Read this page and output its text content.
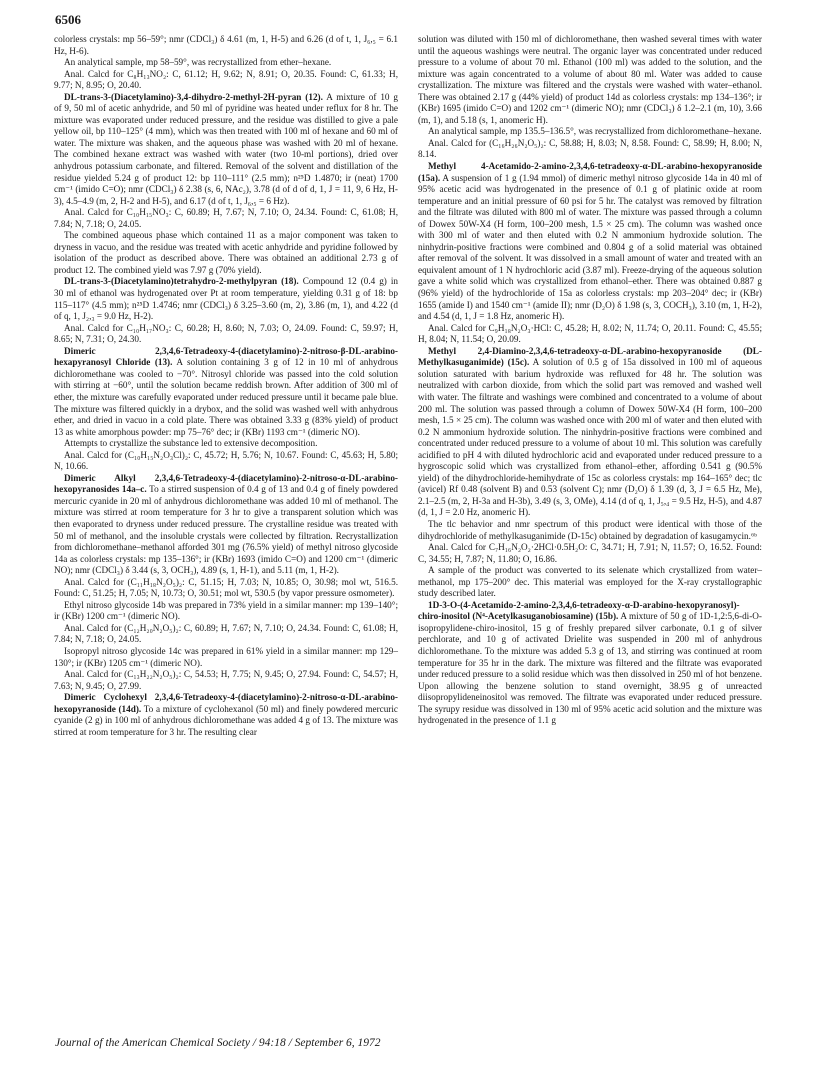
6506

colorless crystals: mp 56–59°; nmr (CDCl₃) δ 4.61 (m, 1, H-5) and 6.26 (d of t, 1, J₆,₅ = 6.1 Hz, H-6).

An analytical sample, mp 58–59°, was recrystallized from ether–hexane.

Anal. Calcd for C₈H₁₃NO₂: C, 61.12; H, 9.62; N, 8.91; O, 20.35. Found: C, 61.33; H, 9.77; N, 8.95; O, 20.40.

DL-trans-3-(Diacetylamino)-3,4-dihydro-2-methyl-2H-pyran (12). A mixture of 10 g of 9, 50 ml of acetic anhydride, and 50 ml of pyridine was heated under reflux for 8 hr. The mixture was evaporated under reduced pressure, and the residue was distilled to give a pale yellow oil, bp 110–125° (4 mm), which was then treated with 100 ml of hexane and 60 ml of water. The mixture was shaken, and the aqueous phase was washed with 20 ml of hexane. The combined hexane extract was washed with water (two 10-ml portions), dried over anhydrous potassium carbonate, and filtered. Removal of the solvent and distillation of the residue yielded 5.24 g of product 12: bp 110–111° (2.5 mm); n²⁵D 1.4870; ir (neat) 1700 cm⁻¹ (imido C=O); nmr (CDCl₃) δ 2.38 (s, 6, NAc₂), 3.78 (d of d of d, 1, J = 11, 9, 6 Hz, H-3), 4.5–4.9 (m, 2, H-2 and H-5), and 6.17 (d of t, 1, J₆,₅ = 6 Hz).

Anal. Calcd for C₁₀H₁₅NO₃: C, 60.89; H, 7.67; N, 7.10; O, 24.34. Found: C, 61.08; H, 7.84; N, 7.18; O, 24.05.

The combined aqueous phase which contained 11 as a major component was taken to dryness in vacuo, and the residue was treated with acetic anhydride and pyridine followed by isolation of the product as described above. There was obtained an additional 2.73 g of product 12. The combined yield was 7.97 g (70% yield).

DL-trans-3-(Diacetylamino)tetrahydro-2-methylpyran (18). Compound 12 (0.4 g) in 30 ml of ethanol was hydrogenated over Pt at room temperature, yielding 0.31 g of 18: bp 115–117° (4.5 mm); n²⁵D 1.4746; nmr (CDCl₃) δ 3.25–3.60 (m, 2), 3.86 (m, 1), and 4.22 (d of q, 1, J₂,₃ = 9.0 Hz, H-2).

Anal. Calcd for C₁₀H₁₇NO₃: C, 60.28; H, 8.60; N, 7.03; O, 24.09. Found: C, 59.97; H, 8.65; N, 7.31; O, 24.30.

Dimeric 2,3,4,6-Tetradeoxy-4-(diacetylamino)-2-nitroso-β-DL-arabino-hexapyranosyl Chloride (13). A solution containing 3 g of 12 in 10 ml of anhydrous dichloromethane was cooled to −70°. Nitrosyl chloride was passed into the cold solution with stirring at −60°, until the solution became reddish brown. After addition of 300 ml of ether, the mixture was carefully evaporated under reduced pressure until it became pale blue. The mixture was filtered quickly in a drybox, and the solid was washed well with anhydrous ether, and dried in vacuo in a cold plate. There was obtained 3.33 g (83% yield) of product 13 as white amorphous powder: mp 75–76° dec; ir (KBr) 1193 cm⁻¹ (dimeric NO).

Attempts to crystallize the substance led to extensive decomposition.

Anal. Calcd for (C₁₀H₁₅N₂O₃Cl)₂: C, 45.72; H, 5.76; N, 10.67. Found: C, 45.63; H, 5.80; N, 10.66.

Dimeric Alkyl 2,3,4,6-Tetradeoxy-4-(diacetylamino)-2-nitroso-α-DL-arabino-hexopyranosides 14a–c. To a stirred suspension of 0.4 g of 13 and 0.4 g of finely powdered mercuric cyanide in 20 ml of anhydrous dichloromethane was added 10 ml of methanol. The mixture was stirred at room temperature for 3 hr to give a transparent solution which was then evaporated to dryness under reduced pressure. The crystalline residue was treated with 50 ml of methanol, and the insoluble crystals were collected by filtration. Recrystallization from dichloromethane–methanol afforded 301 mg (76.5% yield) of methyl nitroso glycoside 14a as colorless crystals: mp 135–136°; ir (KBr) 1693 (imido C=O) and 1200 cm⁻¹ (dimeric NO); nmr (CDCl₃) δ 3.44 (s, 3, OCH₃), 4.89 (s, 1, H-1), and 5.11 (m, 1, H-2).

Anal. Calcd for (C₁₁H₁₈N₂O₅)₂: C, 51.15; H, 7.03; N, 10.85; O, 30.98; mol wt, 516.5. Found: C, 51.25; H, 7.05; N, 10.73; O, 30.51; mol wt, 530.5 (by vapor pressure osmometer).

Ethyl nitroso glycoside 14b was prepared in 73% yield in a similar manner: mp 139–140°; ir (KBr) 1200 cm⁻¹ (dimeric NO).

Anal. Calcd for (C₁₂H₂₀N₂O₅)₂: C, 60.89; H, 7.67; N, 7.10; O, 24.34. Found: C, 61.08; H, 7.84; N, 7.18; O, 24.05.

Isopropyl nitroso glycoside 14c was prepared in 61% yield in a similar manner: mp 129–130°; ir (KBr) 1205 cm⁻¹ (dimeric NO).

Anal. Calcd for (C₁₃H₂₂N₂O₅)₂: C, 54.53; H, 7.75; N, 9.45; O, 27.94. Found: C, 54.57; H, 7.63; N, 9.45; O, 27.99.

Dimeric Cyclohexyl 2,3,4,6-Tetradeoxy-4-(diacetylamino)-2-nitroso-α-DL-arabino-hexopyranoside (14d). To a mixture of cyclohexanol (50 ml) and finely powdered mercuric cyanide (2 g) in 100 ml of anhydrous dichloromethane was added 4 g of 13. The mixture was stirred at room temperature for 3 hr. The resulting clear

solution was diluted with 150 ml of dichloromethane, then washed several times with water until the aqueous washings were neutral. The organic layer was concentrated under reduced pressure to a volume of about 70 ml. Ethanol (100 ml) was added to the solution, and the mixture was again concentrated to a volume of about 80 ml. Water was added to cause crystallization. The mixture was filtered and the crystals were washed with water–ethanol. There was obtained 2.17 g (44% yield) of product 14d as colorless crystals: mp 134–136°; ir (KBr) 1695 (imido C=O) and 1202 cm⁻¹ (dimeric NO); nmr (CDCl₃) δ 1.2–2.1 (m, 10), 3.66 (m, 1), and 5.18 (s, 1, anomeric H).

An analytical sample, mp 135.5–136.5°, was recrystallized from dichloromethane–hexane.

Anal. Calcd for (C₁₆H₂₆N₂O₅)₂: C, 58.88; H, 8.03; N, 8.58. Found: C, 58.99; H, 8.00; N, 8.14.

Methyl 4-Acetamido-2-amino-2,3,4,6-tetradeoxy-α-DL-arabino-hexopyranoside (15a). A suspension of 1 g (1.94 mmol) of dimeric methyl nitroso glycoside 14a in 40 ml of 95% acetic acid was hydrogenated in the presence of 0.1 g of platinic oxide at room temperature and an initial pressure of 60 psi for 5 hr. The catalyst was removed by filtration and the filtrate was diluted with 800 ml of water. The mixture was passed through a column of Dowex 50W-X4 (H form, 100–200 mesh, 1.5 × 25 cm). The column was washed once with 300 ml of water and then eluted with 0.2 N ammonium hydroxide solution. The ninhydrin-positive fractions were combined and 0.804 g of a solid material was obtained after removal of the solvent. It was dissolved in a small amount of water and treated with an equivalent amount of 1 N hydrochloric acid (3.87 ml). Freeze-drying of the aqueous solution gave a white solid which was crystallized from ethanol–ether. There was obtained 0.887 g (96% yield) of the hydrochloride of 15a as colorless crystals: mp 203–204° dec; ir (KBr) 1655 (amide I) and 1540 cm⁻¹ (amide II); nmr (D₂O) δ 1.98 (s, 3, COCH₃), 3.10 (m, 1, H-2), and 4.54 (d, 1, J = 1.8 Hz, anomeric H).

Anal. Calcd for C₉H₁₈N₂O₃·HCl: C, 45.28; H, 8.02; N, 11.74; O, 20.11. Found: C, 45.55; H, 8.04; N, 11.54; O, 20.09.

Methyl 2,4-Diamino-2,3,4,6-tetradeoxy-α-DL-arabino-hexopyranoside (DL-Methylkasuganimide) (15c). A solution of 0.5 g of 15a dissolved in 100 ml of aqueous solution saturated with barium hydroxide was refluxed for 48 hr. The solution was neutralized with carbon dioxide, from which the solid part was removed and washed well with water. The filtrate and washings were combined and concentrated to a volume of about 200 ml. The solution was passed through a column of Dowex 50W-X4 (H form, 100–200 mesh, 1.5 × 25 cm). The column was washed once with 200 ml of water and then eluted with 0.2 N ammonium hydroxide solution. The ninhydrin-positive fractions were combined and concentrated under reduced pressure to a volume of about 10 ml. This solution was carefully acidified to pH 4 with diluted hydrochloric acid and evaporated under reduced pressure to a hygroscopic solid which was crystallized from ethanol–ether, affording 0.541 g (90.5% yield) of the dihydrochloride-hemihydrate of 15c as colorless crystals: mp 164–165° dec; tlc (avicel) Rf 0.48 (solvent B) and 0.53 (solvent C); nmr (D₂O) δ 1.39 (d, 3, J = 6.5 Hz, Me), 2.1–2.5 (m, 2, H-3a and H-3b), 3.49 (s, 3, OMe), 4.14 (d of q, 1, J₅,₄ = 9.5 Hz, H-5), and 4.87 (d, 1, J = 2.0 Hz, anomeric H).

The tlc behavior and nmr spectrum of this product were identical with those of the dihydrochloride of methylkasuganimide (D-15c) obtained by degradation of kasugamycin.⁶ᵇ

Anal. Calcd for C₇H₁₆N₂O₂·2HCl·0.5H₂O: C, 34.71; H, 7.91; N, 11.57; O, 16.52. Found: C, 34.55; H, 7.87; N, 11.80; O, 16.86.

A sample of the product was converted to its selenate which crystallized from water–methanol, mp 175–200° dec. This material was employed for the X-ray crystallographic study described later.

1D-3-O-(4-Acetamido-2-amino-2,3,4,6-tetradeoxy-α-D-arabino-hexopyranosyl)-chiro-inositol (N⁴-Acetylkasuganobiosamine) (15b). A mixture of 50 g of 1D-1,2:5,6-di-O-isopropylidene-chiro-inositol, 15 g of freshly prepared silver carbonate, 0.1 g of silver perchlorate, and 10 g of activated Drielite was suspended in 200 ml of anhydrous dichloromethane. To the mixture was added 5.3 g of 13, and stirring was continued at room temperature for 35 hr in the dark. The mixture was filtered and the filtrate was evaporated under reduced pressure to a solid residue which was then dissolved in 250 ml of hot benzene. Upon allowing the benzene solution to stand overnight, 38.95 g of unreacted diisopropylideneinositol was removed. The filtrate was evaporated under reduced pressure. The syrupy residue was dissolved in 130 ml of 95% acetic acid solution and the mixture was hydrogenated in the presence of 1.1 g

Journal of the American Chemical Society / 94:18 / September 6, 1972
